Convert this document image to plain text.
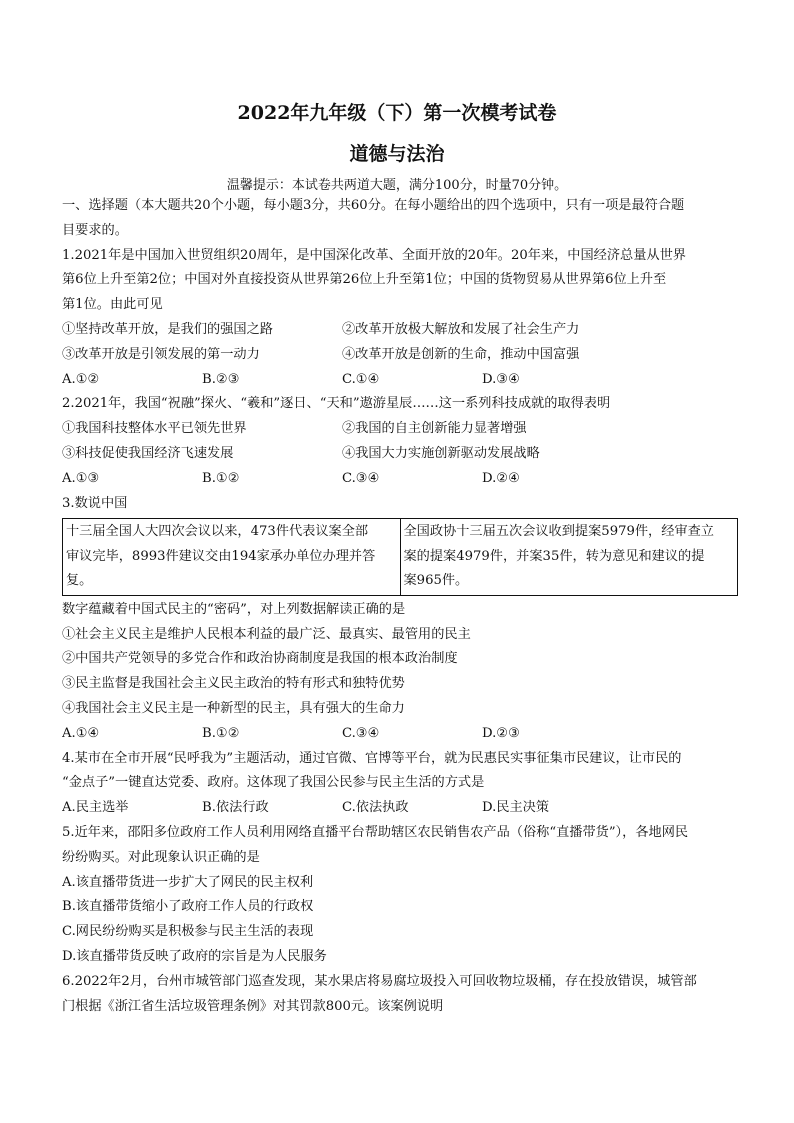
2022年九年级（下）第一次模考试卷
道德与法治
温馨提示：本试卷共两道大题，满分100分，时量70分钟。
一、选择题（本大题共20个小题，每小题3分，共60分。在每小题给出的四个选项中，只有一项是最符合题
目要求的。
1.2021年是中国加入世贸组织20周年，是中国深化改革、全面开放的20年。20年来，中国经济总量从世界
第6位上升至第2位；中国对外直接投资从世界第26位上升至第1位；中国的货物贸易从世界第6位上升至
第1位。由此可见
①坚持改革开放，是我们的强国之路	②改革开放极大解放和发展了社会生产力
③改革开放是引领发展的第一动力	④改革开放是创新的生命，推动中国富强
A.①②	B.②③	C.①④	D.③④
2.2021年，我国“祝融”探火、“羲和”逐日、“天和”遨游星辰……这一系列科技成就的取得表明
①我国科技整体水平已领先世界	②我国的自主创新能力显著增强
③科技促使我国经济飞速发展	④我国大力实施创新驱动发展战略
A.①③	B.①②	C.③④	D.②④
3.数说中国
十三届全国人大四次会议以来，473件代表议案全部
审议完毕，8993件建议交由194家承办单位办理并答
复。

全国政协十三届五次会议收到提案5979件，经审查立
案的提案4979件，并案35件，转为意见和建议的提
案965件。
数字蕴藏着中国式民主的“密码”，对上列数据解读正确的是
①社会主义民主是维护人民根本利益的最广泛、最真实、最管用的民主
②中国共产党领导的多党合作和政治协商制度是我国的根本政治制度
③民主监督是我国社会主义民主政治的特有形式和独特优势
④我国社会主义民主是一种新型的民主，具有强大的生命力
A.①④	B.①②	C.③④	D.②③
4.某市在全市开展“民呼我为”主题活动，通过官微、官博等平台，就为民惠民实事征集市民建议，让市民的
“金点子”一键直达党委、政府。这体现了我国公民参与民主生活的方式是
A.民主选举	B.依法行政	C.依法执政	D.民主决策
5.近年来，邵阳多位政府工作人员利用网络直播平台帮助辖区农民销售农产品（俗称“直播带货”），各地网民
纷纷购买。对此现象认识正确的是
A.该直播带货进一步扩大了网民的民主权利
B.该直播带货缩小了政府工作人员的行政权
C.网民纷纷购买是积极参与民主生活的表现
D.该直播带货反映了政府的宗旨是为人民服务
6.2022年2月，台州市城管部门巡查发现，某水果店将易腐垃圾投入可回收物垃圾桶，存在投放错误，城管部
门根据《浙江省生活垃圾管理条例》对其罚款800元。该案例说明
